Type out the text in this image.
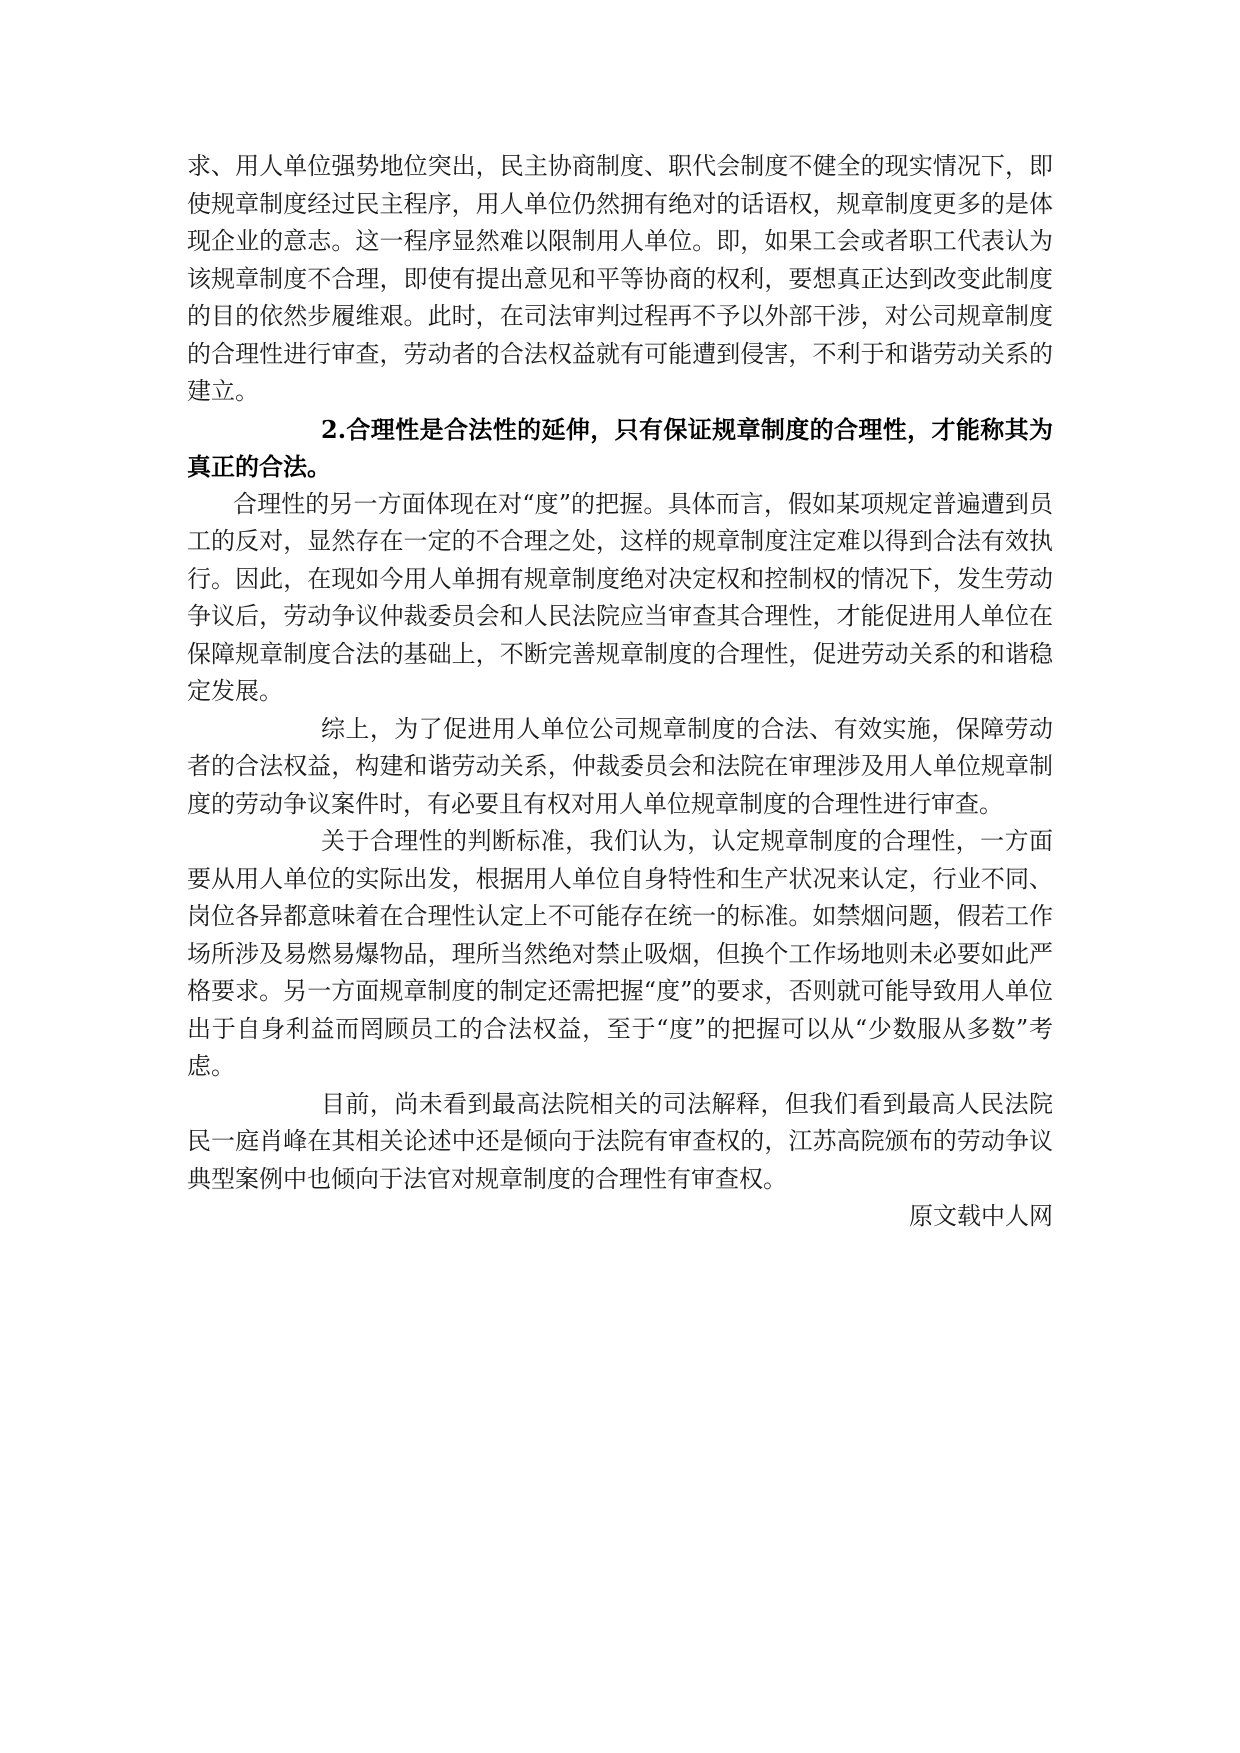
求、用人单位强势地位突出，民主协商制度、职代会制度不健全的现实情况下，即使规章制度经过民主程序，用人单位仍然拥有绝对的话语权，规章制度更多的是体现企业的意志。这一程序显然难以限制用人单位。即，如果工会或者职工代表认为该规章制度不合理，即使有提出意见和平等协商的权利，要想真正达到改变此制度的目的依然步履维艰。此时，在司法审判过程再不予以外部干涉，对公司规章制度的合理性进行审查，劳动者的合法权益就有可能遭到侵害，不利于和谐劳动关系的建立。

2.合理性是合法性的延伸，只有保证规章制度的合理性，才能称其为真正的合法。

合理性的另一方面体现在对“度”的把握。具体而言，假如某项规定普遍遭到员工的反对，显然存在一定的不合理之处，这样的规章制度注定难以得到合法有效执行。因此，在现如今用人单拥有规章制度绝对决定权和控制权的情况下，发生劳动争议后，劳动争议仲裁委员会和人民法院应当审查其合理性，才能促进用人单位在保障规章制度合法的基础上，不断完善规章制度的合理性，促进劳动关系的和谐稳定发展。

综上，为了促进用人单位公司规章制度的合法、有效实施，保障劳动者的合法权益，构建和谐劳动关系，仲裁委员会和法院在审理涉及用人单位规章制度的劳动争议案件时，有必要且有权对用人单位规章制度的合理性进行审查。

关于合理性的判断标准，我们认为，认定规章制度的合理性，一方面要从用人单位的实际出发，根据用人单位自身特性和生产状况来认定，行业不同、岗位各异都意味着在合理性认定上不可能存在统一的标准。如禁烟问题，假若工作场所涉及易燃易爆物品，理所当然绝对禁止吸烟，但换个工作场地则未必要如此严格要求。另一方面规章制度的制定还需把握“度”的要求，否则就可能导致用人单位出于自身利益而罔顾员工的合法权益，至于“度”的把握可以从“少数服从多数”考虑。

目前，尚未看到最高法院相关的司法解释，但我们看到最高人民法院民一庭肖峰在其相关论述中还是倾向于法院有审查权的，江苏高院颁布的劳动争议典型案例中也倾向于法官对规章制度的合理性有审查权。

原文载中人网
